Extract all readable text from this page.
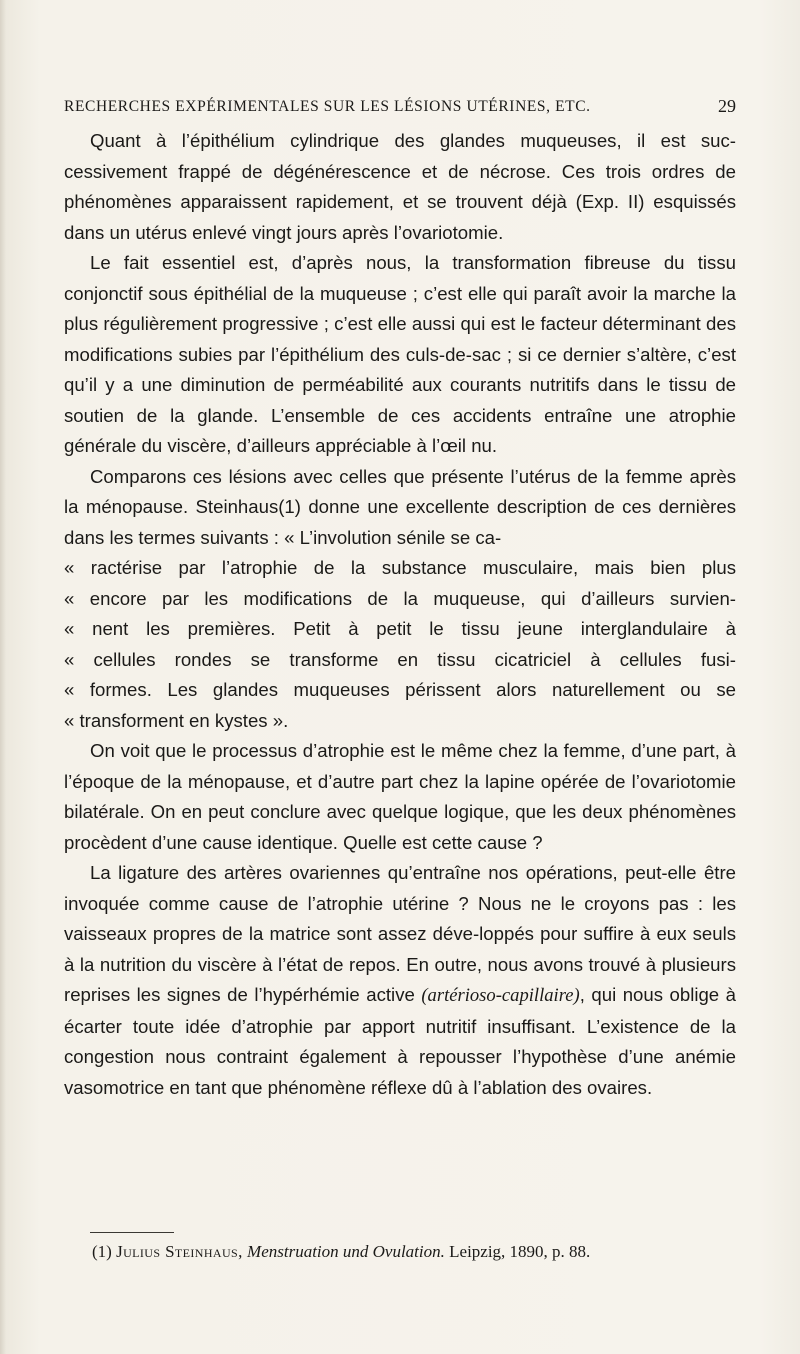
RECHERCHES EXPÉRIMENTALES SUR LES LÉSIONS UTÉRINES, ETC.	29

Quant à l’épithélium cylindrique des glandes muqueuses, il est suc-cessivement frappé de dégénérescence et de nécrose. Ces trois ordres de phénomènes apparaissent rapidement, et se trouvent déjà (Exp. II) esquissés dans un utérus enlevé vingt jours après l’ovariotomie.

Le fait essentiel est, d’après nous, la transformation fibreuse du tissu conjonctif sous épithélial de la muqueuse ; c’est elle qui paraît avoir la marche la plus régulièrement progressive ; c’est elle aussi qui est le facteur déterminant des modifications subies par l’épithélium des culs-de-sac ; si ce dernier s’altère, c’est qu’il y a une diminution de perméabilité aux courants nutritifs dans le tissu de soutien de la glande. L’ensemble de ces accidents entraîne une atrophie générale du viscère, d’ailleurs appréciable à l’œil nu.

Comparons ces lésions avec celles que présente l’utérus de la femme après la ménopause. Steinhaus(1) donne une excellente description de ces dernières dans les termes suivants : « L’involution sénile se ca-

« ractérise par l’atrophie de la substance musculaire, mais bien plus

« encore par les modifications de la muqueuse, qui d’ailleurs survien-

« nent les premières. Petit à petit le tissu jeune interglandulaire à

« cellules rondes se transforme en tissu cicatriciel à cellules fusi-

« formes. Les glandes muqueuses périssent alors naturellement ou se

« transforment en kystes ».

On voit que le processus d’atrophie est le même chez la femme, d’une part, à l’époque de la ménopause, et d’autre part chez la lapine opérée de l’ovariotomie bilatérale. On en peut conclure avec quelque logique, que les deux phénomènes procèdent d’une cause identique. Quelle est cette cause ?

La ligature des artères ovariennes qu’entraîne nos opérations, peut-elle être invoquée comme cause de l’atrophie utérine ? Nous ne le croyons pas : les vaisseaux propres de la matrice sont assez déve-loppés pour suffire à eux seuls à la nutrition du viscère à l’état de repos. En outre, nous avons trouvé à plusieurs reprises les signes de l’hypérhémie active (artérioso-capillaire), qui nous oblige à écarter toute idée d’atrophie par apport nutritif insuffisant. L’existence de la congestion nous contraint également à repousser l’hypothèse d’une anémie vasomotrice en tant que phénomène réflexe dû à l’ablation des ovaires.

(1) Julius Steinhaus, Menstruation und Ovulation. Leipzig, 1890, p. 88.
